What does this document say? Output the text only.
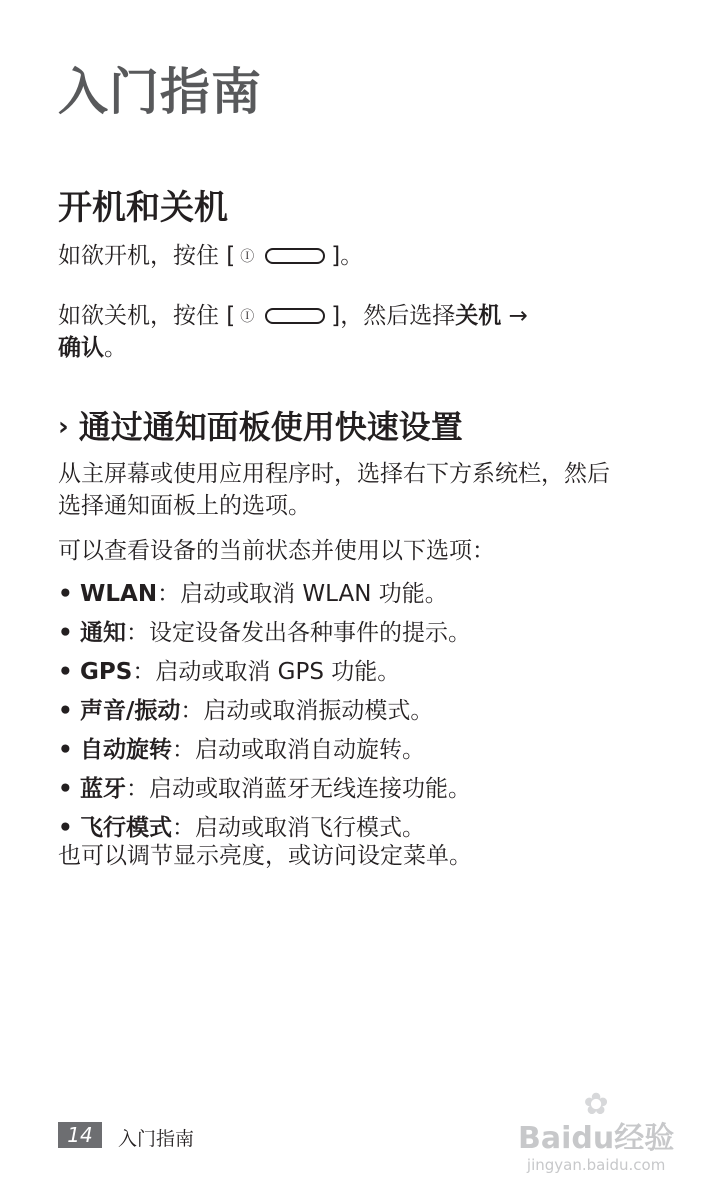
入门指南
开机和关机

如欲开机，按住 [ Ⓘ	]。

如欲关机，按住 [ Ⓘ	]，然后选择关机 →
确认。

› 通过通知面板使用快速设置

从主屏幕或使用应用程序时，选择右下方系统栏，然后选择通知面板上的选项。

可以查看设备的当前状态并使用以下选项：

• WLAN：启动或取消 WLAN 功能。
• 通知：设定设备发出各种事件的提示。
• GPS：启动或取消 GPS 功能。
• 声音/振动：启动或取消振动模式。
• 自动旋转：启动或取消自动旋转。
• 蓝牙：启动或取消蓝牙无线连接功能。
• 飞行模式：启动或取消飞行模式。

也可以调节显示亮度，或访问设定菜单。

14	入门指南
✿
Baidu经验
jingyan.baidu.com
